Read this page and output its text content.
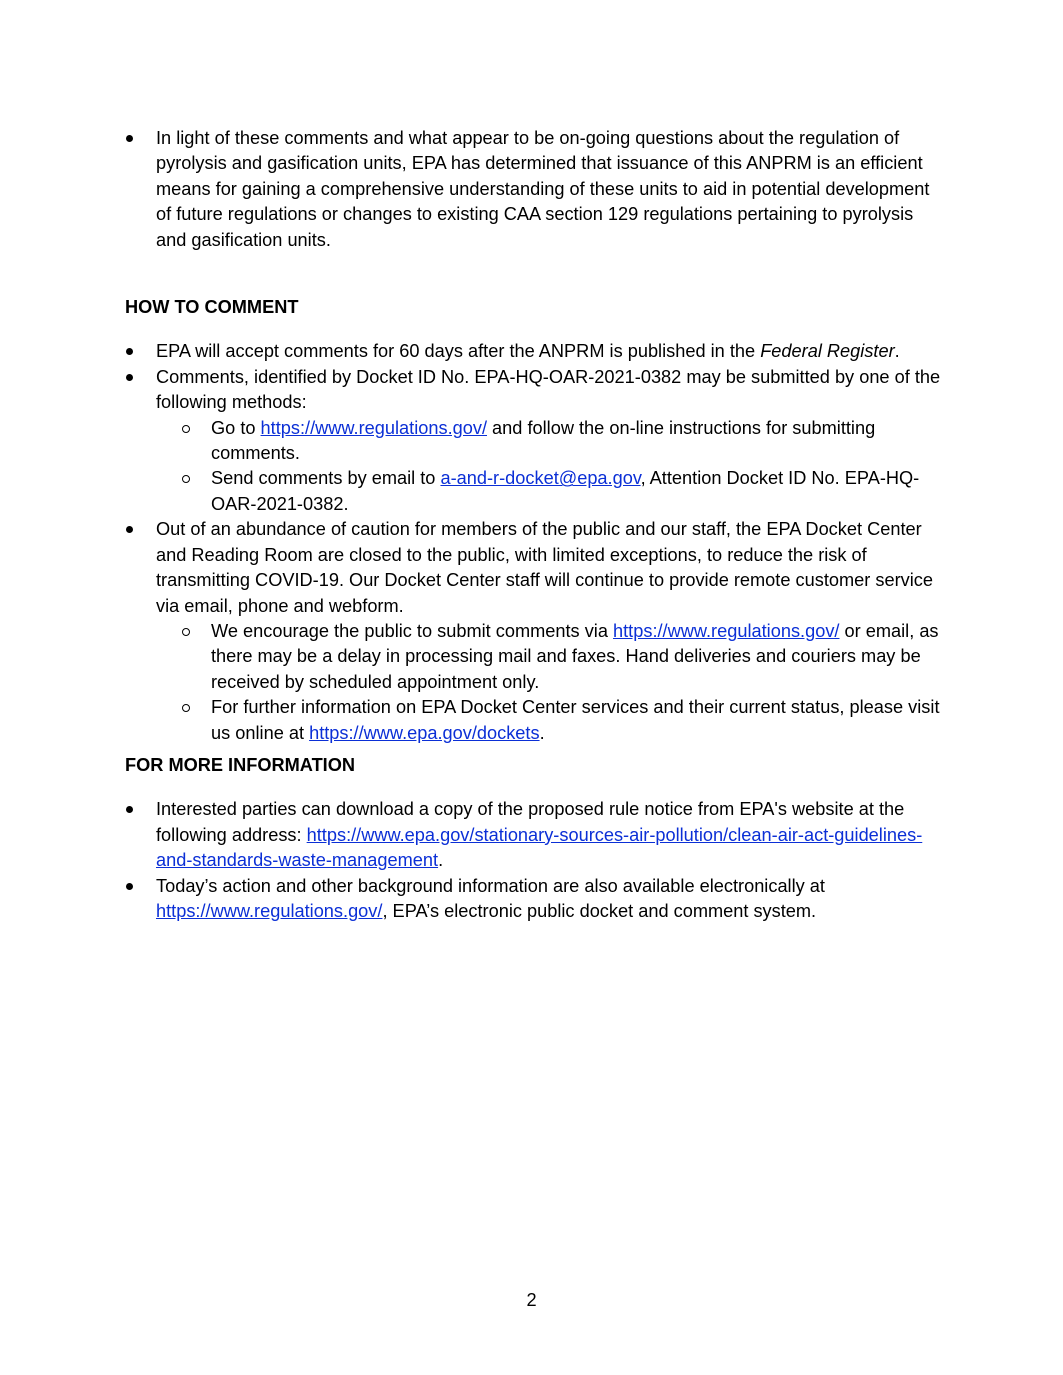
In light of these comments and what appear to be on-going questions about the regulation of pyrolysis and gasification units, EPA has determined that issuance of this ANPRM is an efficient means for gaining a comprehensive understanding of these units to aid in potential development of future regulations or changes to existing CAA section 129 regulations pertaining to pyrolysis and gasification units.
HOW TO COMMENT
EPA will accept comments for 60 days after the ANPRM is published in the Federal Register.
Comments, identified by Docket ID No. EPA-HQ-OAR-2021-0382 may be submitted by one of the following methods:
Go to https://www.regulations.gov/ and follow the on-line instructions for submitting comments.
Send comments by email to a-and-r-docket@epa.gov, Attention Docket ID No. EPA-HQ-OAR-2021-0382.
Out of an abundance of caution for members of the public and our staff, the EPA Docket Center and Reading Room are closed to the public, with limited exceptions, to reduce the risk of transmitting COVID-19. Our Docket Center staff will continue to provide remote customer service via email, phone and webform.
We encourage the public to submit comments via https://www.regulations.gov/ or email, as there may be a delay in processing mail and faxes. Hand deliveries and couriers may be received by scheduled appointment only.
For further information on EPA Docket Center services and their current status, please visit us online at https://www.epa.gov/dockets.
FOR MORE INFORMATION
Interested parties can download a copy of the proposed rule notice from EPA's website at the following address: https://www.epa.gov/stationary-sources-air-pollution/clean-air-act-guidelines-and-standards-waste-management.
Today’s action and other background information are also available electronically at https://www.regulations.gov/, EPA’s electronic public docket and comment system.
2
